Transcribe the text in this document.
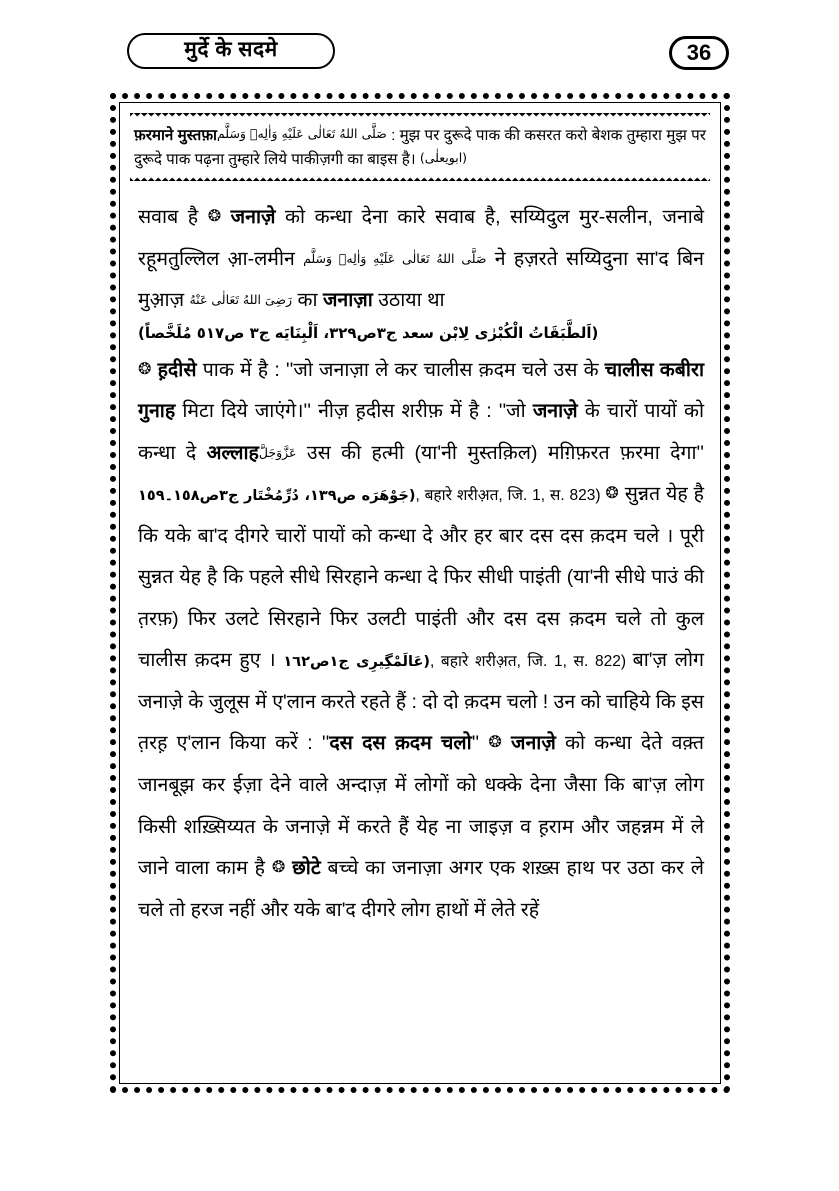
मुर्दे के सदमे	36
फ़रमाने मुस्तफ़ाصَلَّى اللهُ تَعَالٰى عَلَيْهِ وَاٰلِهٖ وَسَلَّم : मुझ पर दुरूदे पाक की कसरत करो बेशक तुम्हारा मुझ पर दुरूदे पाक पढ़ना तुम्हारे लिये पाकीज़गी का बाइस है। (ابویعلٰی)

सवाब है ❂ जनाज़े को कन्धा देना कारे सवाब है, सय्यिदुल मुर-सलीन, जनाबे रहूमतुल्लिल आ़-लमीन صَلَّى اللهُ تَعَالٰى عَلَيْهِ وَاٰلِهٖ وَسَلَّم ने हज़रते सय्यिदुना सा'द बिन मुआ़ज़ رَضِىَ اللهُ تَعَالٰى عَنْهُ का जनाज़ा उठाया था
(اَلطَّبَقَاتُ الْكُبْرٰى لِابْن سعد ج٣ص٣٢٩، اَلْبِنَايَه ج٣ ص٥١٧ مُلَخَّصاً)

❂ ह़दीसे पाक में है : ''जो जनाज़ा ले कर चालीस क़दम चले उस के चालीस कबीरा गुनाह मिटा दिये जाएंगे।'' नीज़ ह़दीस शरीफ़ में है : ''जो जनाज़े के चारों पायों को कन्धा दे अल्लाहعَزَّوَجَلَّ उस की हत्मी (या'नी मुस्तक़िल) मग़िफ़रत फ़रमा देगा'' (جَوْهَرَه ص١٣٩، دُرِّمُخْتَار ج٣ص١٥٨۔١٥٩, बहारे शरीअ़त, जि. 1, स. 823) ❂ सुन्नत येह है कि यके बा'द दीगरे चारों पायों को कन्धा दे और हर बार दस दस क़दम चले । पूरी सुन्नत येह है कि पहले सीधे सिरहाने कन्धा दे फिर सीधी पाइंती (या'नी सीधे पाउं की त़रफ़) फिर उलटे सिरहाने फिर उलटी पाइंती और दस दस क़दम चले तो कुल चालीस क़दम हुए । (عَالَمْگِيرِى ج١ص١٦٢, बहारे शरीअ़त, जि. 1, स. 822) बा'ज़ लोग जनाज़े के जुलूस में ए'लान करते रहते हैं : दो दो क़दम चलो ! उन को चाहिये कि इस त़रह़ ए'लान किया करें : ''दस दस क़दम चलो'' ❂ जनाज़े को कन्धा देते वक़्त जानबूझ कर ईज़ा देने वाले अन्दाज़ में लोगों को धक्के देना जैसा कि बा'ज़ लोग किसी शख़्सिय्यत के जनाज़े में करते हैं येह ना जाइज़ व ह़राम और जहन्नम में ले जाने वाला काम है ❂ छोटे बच्चे का जनाज़ा अगर एक शख़्स हाथ पर उठा कर ले चले तो हरज नहीं और यके बा'द दीगरे लोग हाथों में लेते रहें
